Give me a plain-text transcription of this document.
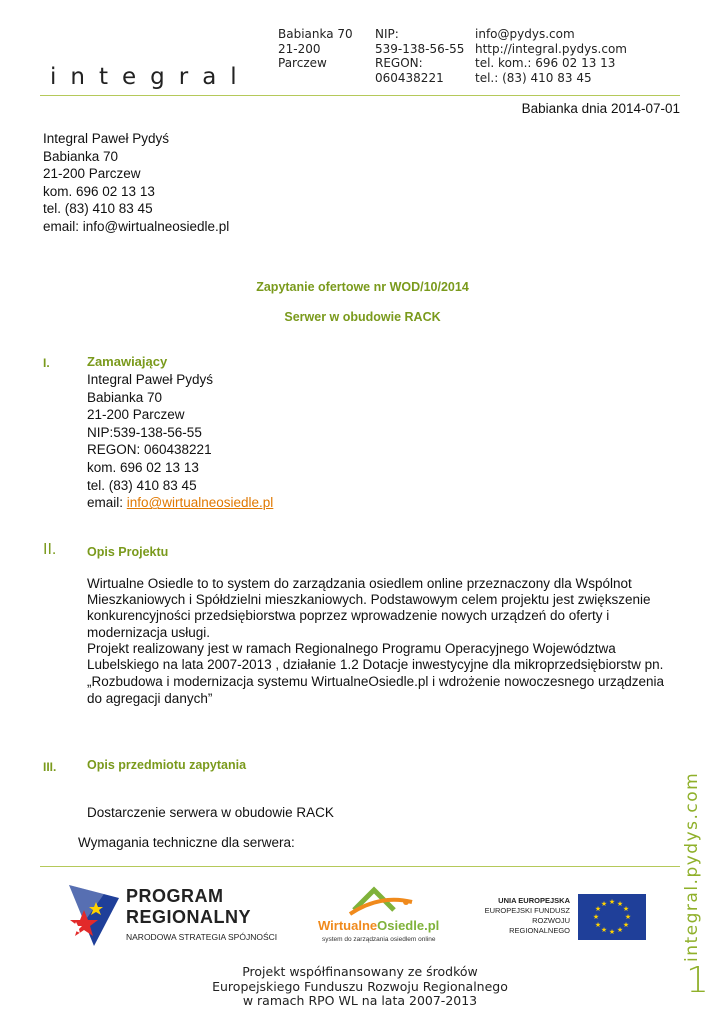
integral
Babianka 70
21-200
Parczew
NIP:
539-138-56-55
REGON:
060438221
info@pydys.com
http://integral.pydys.com
tel. kom.: 696 02 13 13
tel.: (83) 410 83 45
Babianka dnia 2014-07-01
Integral Paweł Pydyś
Babianka 70
21-200 Parczew
kom. 696 02 13 13
tel. (83) 410 83 45
email: info@wirtualneosiedle.pl
Zapytanie ofertowe nr WOD/10/2014
Serwer w obudowie RACK
I.	Zamawiający
Integral Paweł Pydyś
Babianka 70
21-200 Parczew
NIP:539-138-56-55
REGON: 060438221
kom. 696 02 13 13
tel. (83) 410 83 45
email: info@wirtualneosiedle.pl
II. Opis Projektu
Wirtualne Osiedle to to system do zarządzania osiedlem online przeznaczony dla Wspólnot
Mieszkaniowych i Spółdzielni mieszkaniowych. Podstawowym celem projektu jest zwiększenie
konkurencyjności przedsiębiorstwa poprzez wprowadzenie nowych urządzeń do oferty i
modernizacja usługi.
Projekt realizowany jest w ramach Regionalnego Programu Operacyjnego Województwa
Lubelskiego na lata 2007-2013 , działanie 1.2 Dotacje inwestycyjne dla mikroprzedsiębiorstw pn.
„Rozbudowa i modernizacja systemu WirtualneOsiedle.pl i wdrożenie nowoczesnego urządzenia
do agregacji danych”
III. Opis przedmiotu zapytania
Dostarczenie serwera w obudowie RACK
Wymagania techniczne dla serwera:
PROGRAM
REGIONALNY
NARODOWA STRATEGIA SPÓJNOŚCI
WirtualneOsiedle.pl
system do zarządzania osiedlem online
UNIA EUROPEJSKA
EUROPEJSKI FUNDUSZ
ROZWOJU REGIONALNEGO
★ ★
★
★
★
★
★
★
★
★
★
★
Projekt współfinansowany ze środków
Europejskiego Funduszu Rozwoju Regionalnego
w ramach RPO WL na lata 2007-2013
integral.pydys.com
1
